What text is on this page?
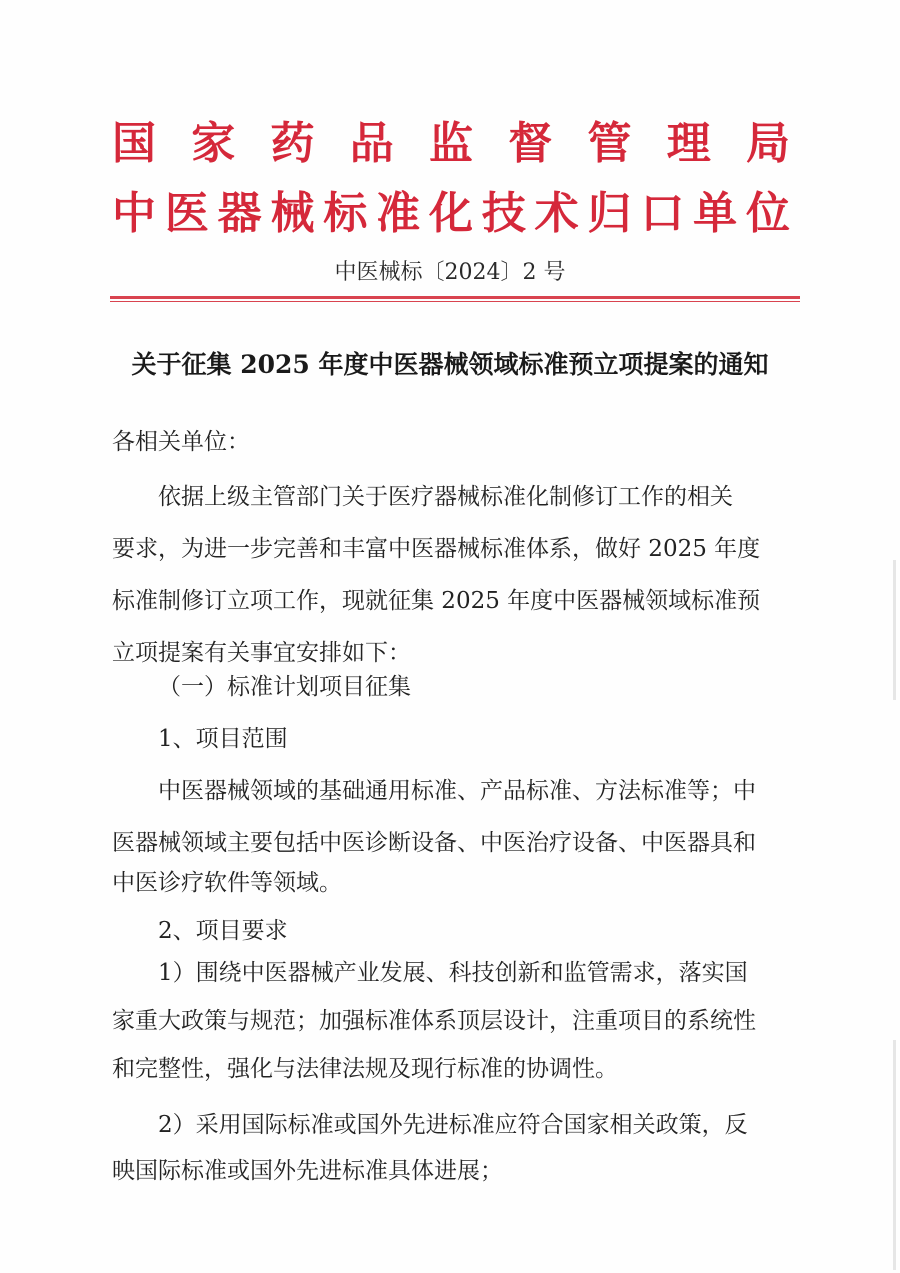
国家药品监督管理局
中医器械标准化技术归口单位
中医械标〔2024〕2 号
关于征集 2025 年度中医器械领域标准预立项提案的通知
各相关单位：
依据上级主管部门关于医疗器械标准化制修订工作的相关
要求，为进一步完善和丰富中医器械标准体系，做好 2025 年度
标准制修订立项工作，现就征集 2025 年度中医器械领域标准预
立项提案有关事宜安排如下：
（一）标准计划项目征集
1、项目范围
中医器械领域的基础通用标准、产品标准、方法标准等；中
医器械领域主要包括中医诊断设备、中医治疗设备、中医器具和
中医诊疗软件等领域。
2、项目要求
1）围绕中医器械产业发展、科技创新和监管需求，落实国
家重大政策与规范；加强标准体系顶层设计，注重项目的系统性
和完整性，强化与法律法规及现行标准的协调性。
2）采用国际标准或国外先进标准应符合国家相关政策，反
映国际标准或国外先进标准具体进展；
